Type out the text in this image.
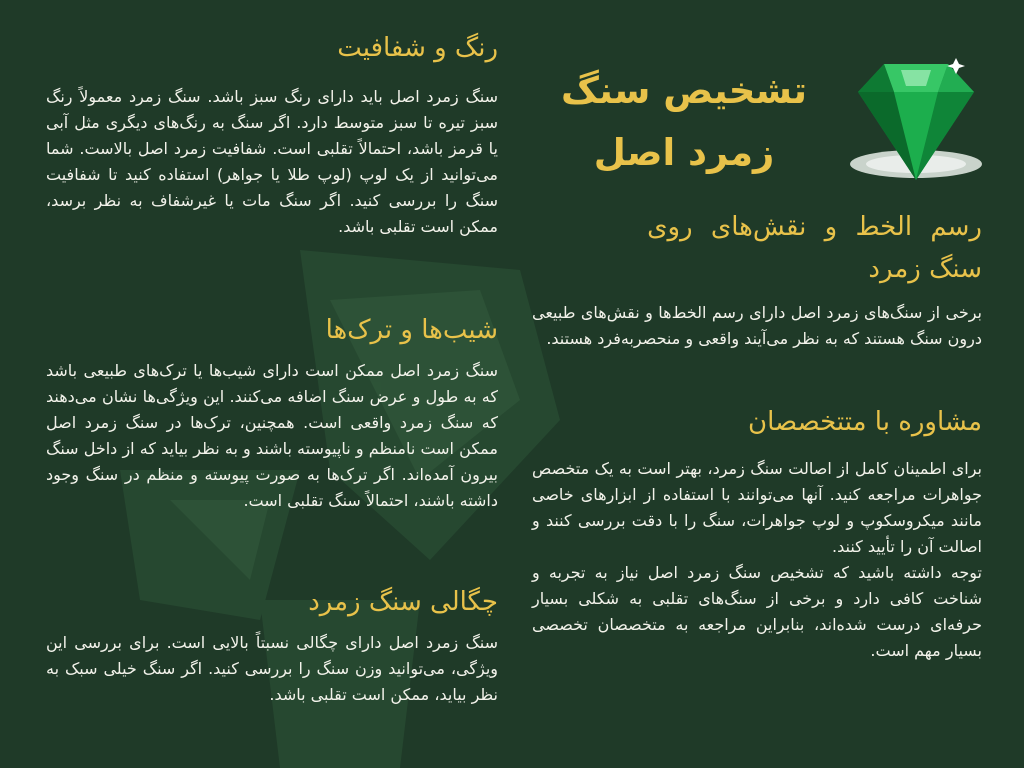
تشخیص سنگ
زمرد اصل
رسم الخط و نقش‌های روی
سنگ زمرد

برخی از سنگ‌های زمرد اصل دارای رسم الخط‌ها و نقش‌های طبیعی درون سنگ هستند که به نظر می‌آیند واقعی و منحصربه‌فرد هستند.

مشاوره با متتخصصان

برای اطمینان کامل از اصالت سنگ زمرد، بهتر است به یک متخصص جواهرات مراجعه کنید. آنها می‌توانند با استفاده از ابزارهای خاصی مانند میکروسکوپ و لوپ جواهرات، سنگ را با دقت بررسی کنند و اصالت آن را تأیید کنند.

توجه داشته باشید که تشخیص سنگ زمرد اصل نیاز به تجربه و شناخت کافی دارد و برخی از سنگ‌های تقلبی به شکلی بسیار حرفه‌ای درست شده‌اند، بنابراین مراجعه به متخصصان تخصصی بسیار مهم است.

رنگ و شفافیت

سنگ زمرد اصل باید دارای رنگ سبز باشد. سنگ زمرد معمولاً رنگ سبز تیره تا سبز متوسط دارد. اگر سنگ به رنگ‌های دیگری مثل آبی یا قرمز باشد، احتمالاً تقلبی است. شفافیت زمرد اصل بالاست. شما می‌توانید از یک لوپ (لوپ طلا یا جواهر) استفاده کنید تا شفافیت سنگ را بررسی کنید. اگر سنگ مات یا غیرشفاف به نظر برسد، ممکن است تقلبی باشد.

شیب‌ها و ترک‌ها

سنگ زمرد اصل ممکن است دارای شیب‌ها یا ترک‌های طبیعی باشد که به طول و عرض سنگ اضافه می‌کنند. این ویژگی‌ها نشان می‌دهند که سنگ زمرد واقعی است. همچنین، ترک‌ها در سنگ زمرد اصل ممکن است نامنظم و ناپیوسته باشند و به نظر بیاید که از داخل سنگ بیرون آمده‌اند. اگر ترک‌ها به صورت پیوسته و منظم در سنگ وجود داشته باشند، احتمالاً سنگ تقلبی است.

چگالی سنگ زمرد

سنگ زمرد اصل دارای چگالی نسبتاً بالایی است. برای بررسی این ویژگی، می‌توانید وزن سنگ را بررسی کنید. اگر سنگ خیلی سبک به نظر بیاید، ممکن است تقلبی باشد.
